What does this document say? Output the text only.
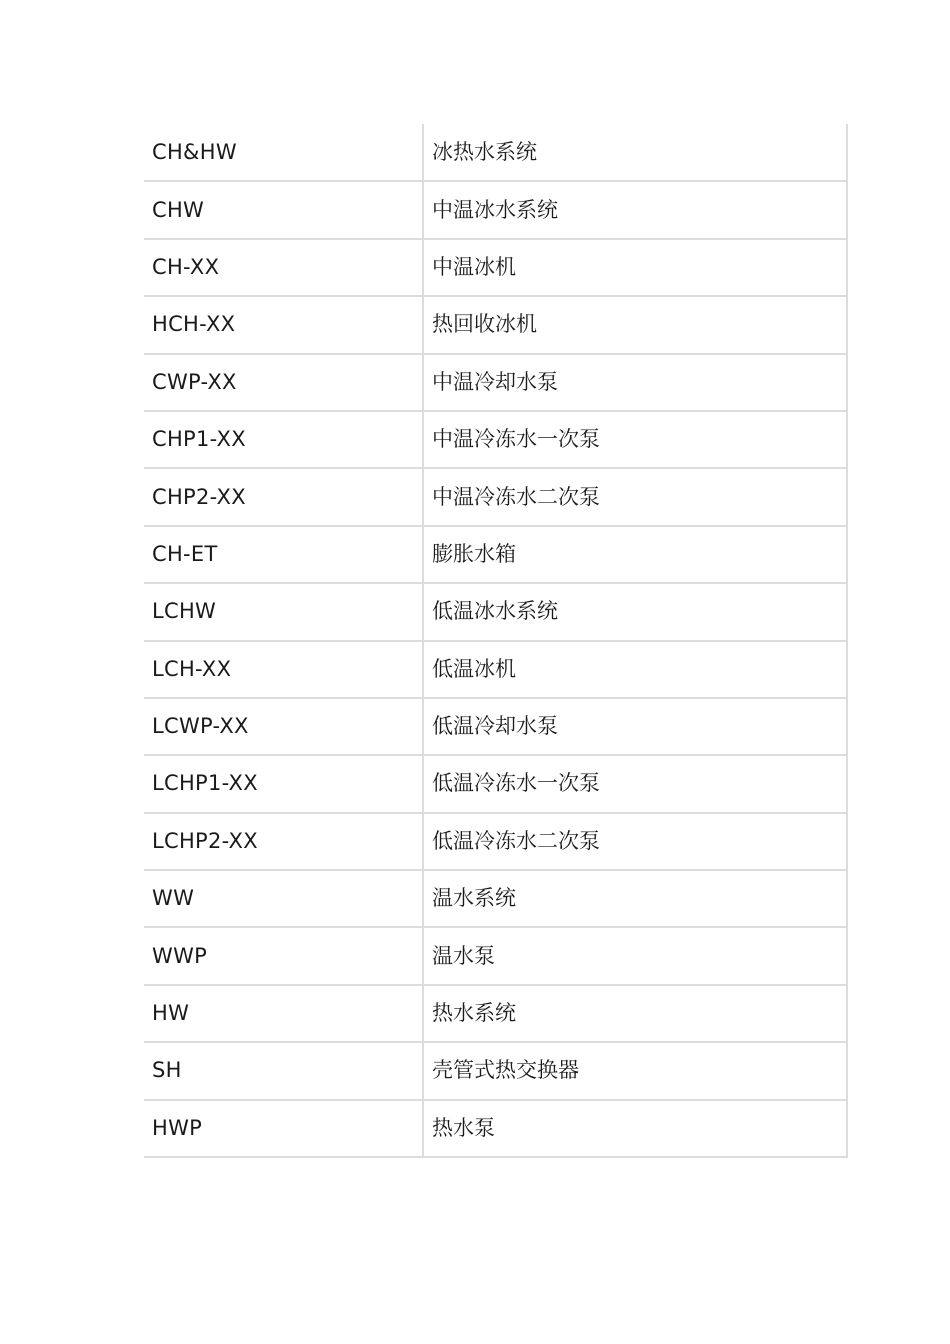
CH&HW	冰热水系统
CHW	中温冰水系统
CH-XX	中温冰机
HCH-XX	热回收冰机
CWP-XX	中温冷却水泵
CHP1-XX	中温冷冻水一次泵
CHP2-XX	中温冷冻水二次泵
CH-ET	膨胀水箱
LCHW	低温冰水系统
LCH-XX	低温冰机
LCWP-XX	低温冷却水泵
LCHP1-XX	低温冷冻水一次泵
LCHP2-XX	低温冷冻水二次泵
WW	温水系统
WWP	温水泵
HW	热水系统
SH	壳管式热交换器
HWP	热水泵
